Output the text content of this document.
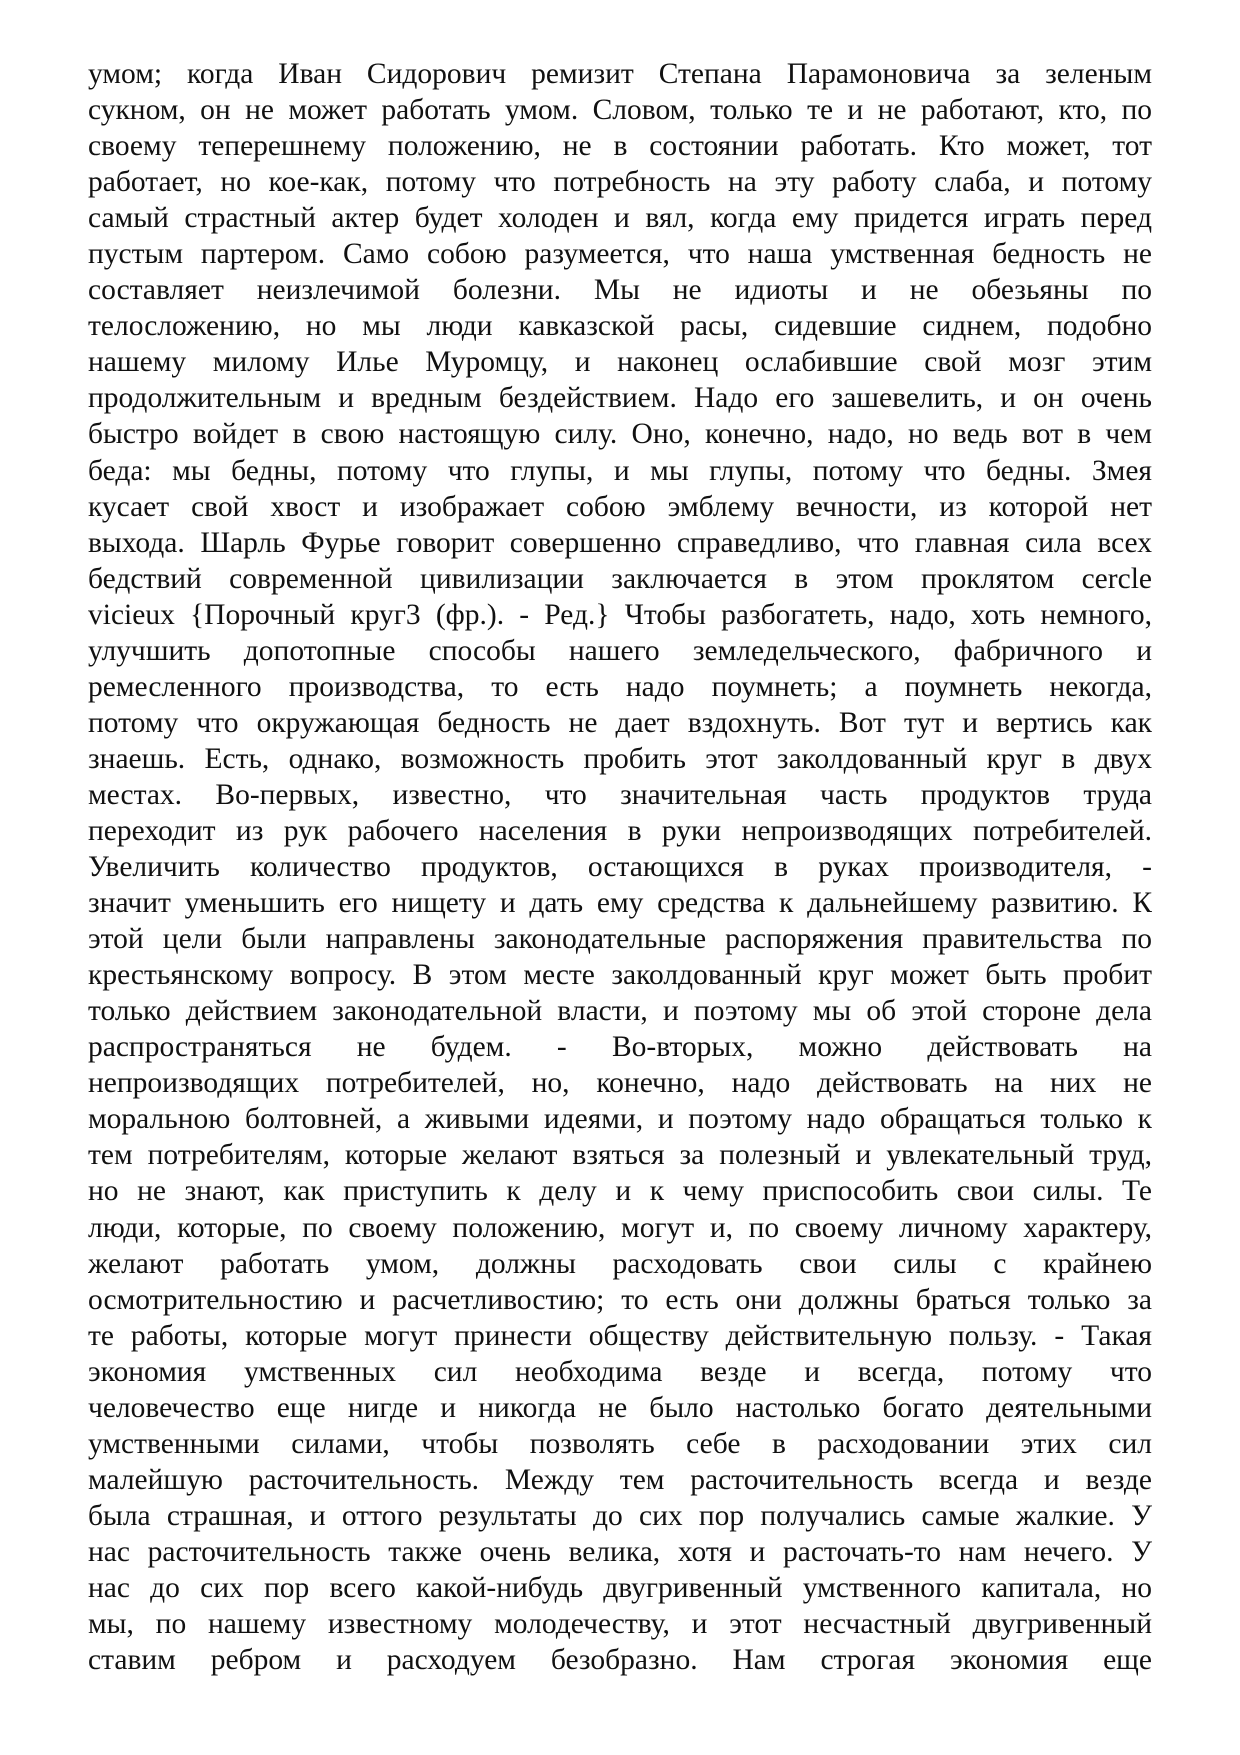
умом; когда Иван Сидорович ремизит Степана Парамоновича за зеленым
сукном, он не может работать умом. Словом, только те и не работают, кто, по
своему теперешнему положению, не в состоянии работать. Кто может, тот
работает, но кое-как, потому что потребность на эту работу слаба, и потому
самый страстный актер будет холоден и вял, когда ему придется играть перед
пустым партером. Само собою разумеется, что наша умственная бедность не
составляет неизлечимой болезни. Мы не идиоты и не обезьяны по
телосложению, но мы люди кавказской расы, сидевшие сиднем, подобно
нашему милому Илье Муромцу, и наконец ослабившие свой мозг этим
продолжительным и вредным бездействием. Надо его зашевелить, и он очень
быстро войдет в свою настоящую силу. Оно, конечно, надо, но ведь вот в чем
беда: мы бедны, потому что глупы, и мы глупы, потому что бедны. Змея
кусает свой хвост и изображает собою эмблему вечности, из которой нет
выхода. Шарль Фурье говорит совершенно справедливо, что главная сила всех
бедствий современной цивилизации заключается в этом проклятом cercle
vicieux {Порочный круг3 (фр.). - Ред.} Чтобы разбогатеть, надо, хоть немного,
улучшить допотопные способы нашего земледельческого, фабричного и
ремесленного производства, то есть надо поумнеть; а поумнеть некогда,
потому что окружающая бедность не дает вздохнуть. Вот тут и вертись как
знаешь. Есть, однако, возможность пробить этот заколдованный круг в двух
местах. Во-первых, известно, что значительная часть продуктов труда
переходит из рук рабочего населения в руки непроизводящих потребителей.
Увеличить количество продуктов, остающихся в руках производителя, -
значит уменьшить его нищету и дать ему средства к дальнейшему развитию. К
этой цели были направлены законодательные распоряжения правительства по
крестьянскому вопросу. В этом месте заколдованный круг может быть пробит
только действием законодательной власти, и поэтому мы об этой стороне дела
распространяться не будем. - Во-вторых, можно действовать на
непроизводящих потребителей, но, конечно, надо действовать на них не
моральною болтовней, а живыми идеями, и поэтому надо обращаться только к
тем потребителям, которые желают взяться за полезный и увлекательный труд,
но не знают, как приступить к делу и к чему приспособить свои силы. Те
люди, которые, по своему положению, могут и, по своему личному характеру,
желают работать умом, должны расходовать свои силы с крайнею
осмотрительностию и расчетливостию; то есть они должны браться только за
те работы, которые могут принести обществу действительную пользу. - Такая
экономия умственных сил необходима везде и всегда, потому что
человечество еще нигде и никогда не было настолько богато деятельными
умственными силами, чтобы позволять себе в расходовании этих сил
малейшую расточительность. Между тем расточительность всегда и везде
была страшная, и оттого результаты до сих пор получались самые жалкие. У
нас расточительность также очень велика, хотя и расточать-то нам нечего. У
нас до сих пор всего какой-нибудь двугривенный умственного капитала, но
мы, по нашему известному молодечеству, и этот несчастный двугривенный
ставим ребром и расходуем безобразно. Нам строгая экономия еще
